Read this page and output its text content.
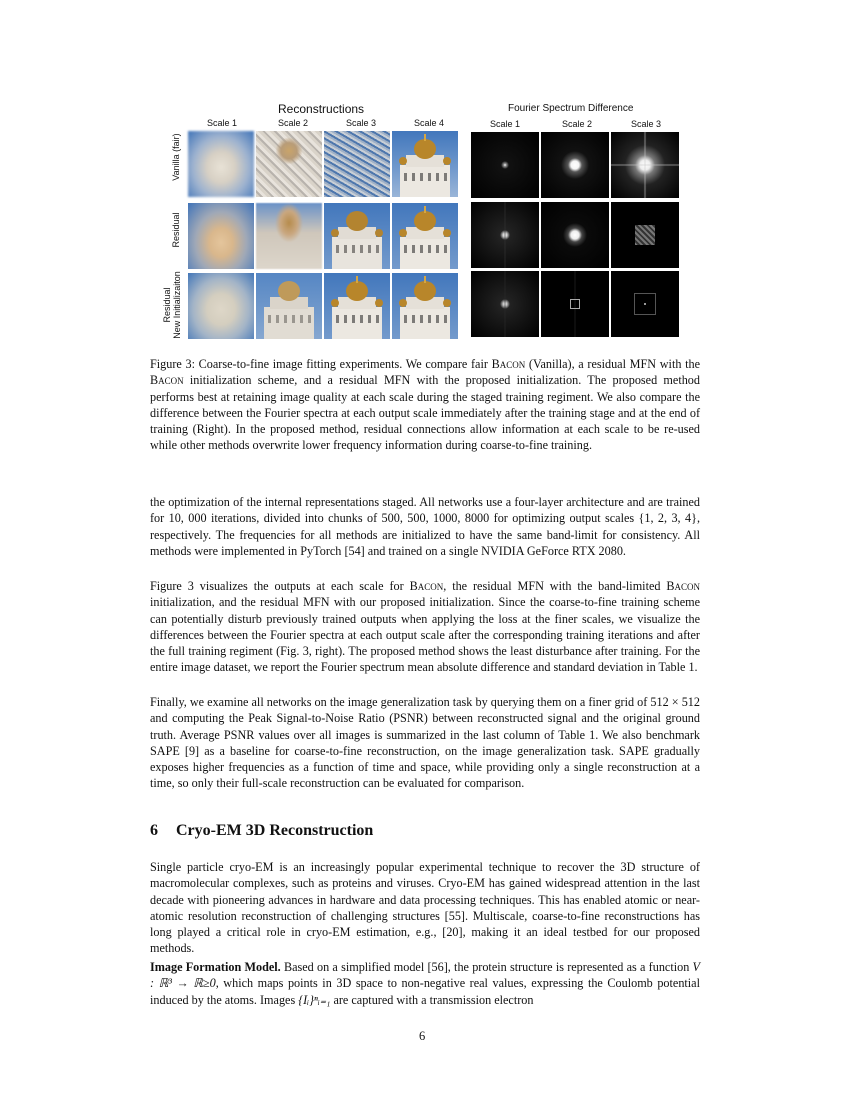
Reconstructions	Fourier Spectrum Difference
Scale 1	Scale 2	Scale 3	Scale 4	Scale 1	Scale 2	Scale 3
Vanilla (fair)
Residual
Residual New Initializaiton
Figure 3: Coarse-to-fine image fitting experiments. We compare fair Bacon (Vanilla), a residual MFN with the Bacon initialization scheme, and a residual MFN with the proposed initialization. The proposed method performs best at retaining image quality at each scale during the staged training regiment. We also compare the difference between the Fourier spectra at each output scale immediately after the training stage and at the end of training (Right). In the proposed method, residual connections allow information at each scale to be re-used while other methods overwrite lower frequency information during coarse-to-fine training.
the optimization of the internal representations staged. All networks use a four-layer architecture and are trained for 10, 000 iterations, divided into chunks of 500, 500, 1000, 8000 for optimizing output scales {1, 2, 3, 4}, respectively. The frequencies for all methods are initialized to have the same band-limit for consistency. All methods were implemented in PyTorch [54] and trained on a single NVIDIA GeForce RTX 2080.
Figure 3 visualizes the outputs at each scale for Bacon, the residual MFN with the band-limited Bacon initialization, and the residual MFN with our proposed initialization. Since the coarse-to-fine training scheme can potentially disturb previously trained outputs when applying the loss at the finer scales, we visualize the differences between the Fourier spectra at each output scale after the corresponding training iterations and after the full training regiment (Fig. 3, right). The proposed method shows the least disturbance after training. For the entire image dataset, we report the Fourier spectrum mean absolute difference and standard deviation in Table 1.
Finally, we examine all networks on the image generalization task by querying them on a finer grid of 512 × 512 and computing the Peak Signal-to-Noise Ratio (PSNR) between reconstructed signal and the original ground truth. Average PSNR values over all images is summarized in the last column of Table 1. We also benchmark SAPE [9] as a baseline for coarse-to-fine reconstruction, on the image generalization task. SAPE gradually exposes higher frequencies as a function of time and space, while providing only a single reconstruction at a time, so only their full-scale reconstruction can be evaluated for comparison.
6 Cryo-EM 3D Reconstruction
Single particle cryo-EM is an increasingly popular experimental technique to recover the 3D structure of macromolecular complexes, such as proteins and viruses. Cryo-EM has gained widespread attention in the last decade with pioneering advances in hardware and data processing techniques. This has enabled atomic or near-atomic resolution reconstruction of challenging structures [55]. Multiscale, coarse-to-fine reconstructions has long played a critical role in cryo-EM estimation, e.g., [20], making it an ideal testbed for our proposed methods.
Image Formation Model. Based on a simplified model [56], the protein structure is represented as a function V : ℝ³ → ℝ≥0, which maps points in 3D space to non-negative real values, expressing the Coulomb potential induced by the atoms. Images {Iᵢ}ⁿᵢ₌₁ are captured with a transmission electron
6
